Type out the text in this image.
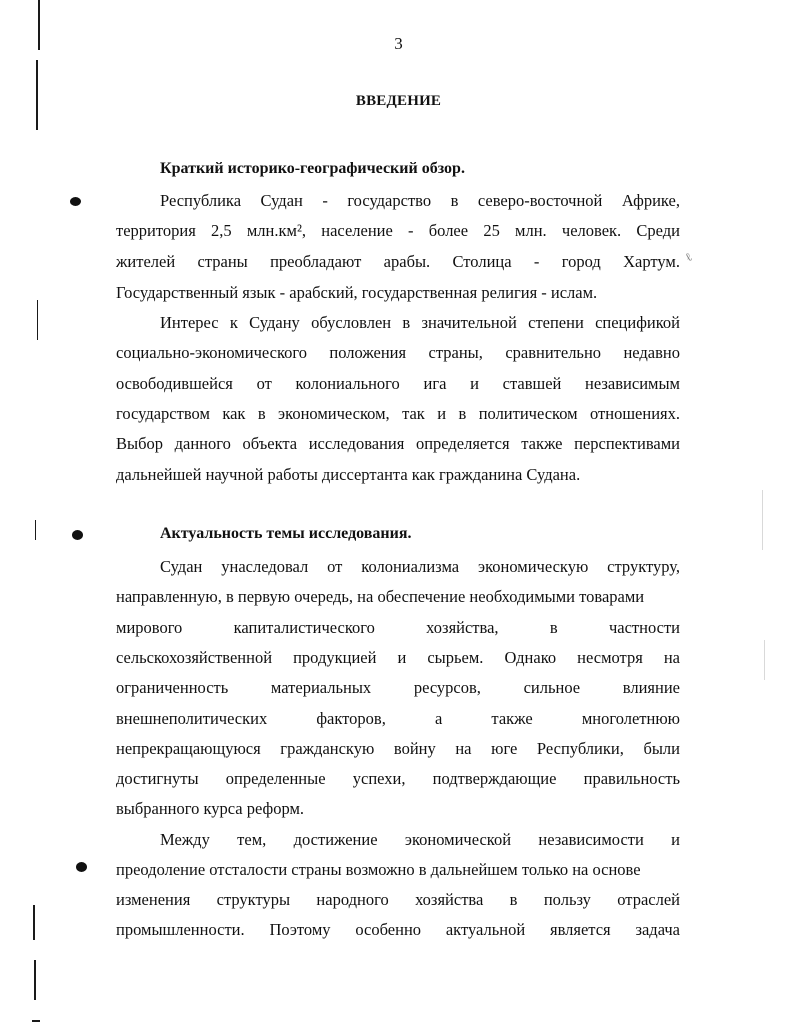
ℓ
3
ВВЕДЕНИЕ
Краткий историко-географический обзор.
Республика Судан - государство в северо-восточной Африке,
территория 2,5 млн.км², население - более 25 млн. человек. Среди
жителей страны преобладают арабы. Столица - город Хартум.
Государственный язык - арабский, государственная религия - ислам.
Интерес к Судану обусловлен в значительной степени спецификой
социально-экономического положения страны, сравнительно недавно
освободившейся от колониального ига и ставшей независимым
государством как в экономическом, так и в политическом отношениях.
Выбор данного объекта исследования определяется также перспективами
дальнейшей научной работы диссертанта как гражданина Судана.
Актуальность темы исследования.
Судан унаследовал от колониализма экономическую структуру,
направленную, в первую очередь, на обеспечение необходимыми товарами
мирового капиталистического хозяйства, в частности
сельскохозяйственной продукцией и сырьем. Однако несмотря на
ограниченность материальных ресурсов, сильное влияние
внешнеполитических факторов, а также многолетнюю
непрекращающуюся гражданскую войну на юге Республики, были
достигнуты определенные успехи, подтверждающие правильность
выбранного курса реформ.
Между тем, достижение экономической независимости и
преодоление отсталости страны возможно в дальнейшем только на основе
изменения структуры народного хозяйства в пользу отраслей
промышленности. Поэтому особенно актуальной является задача
